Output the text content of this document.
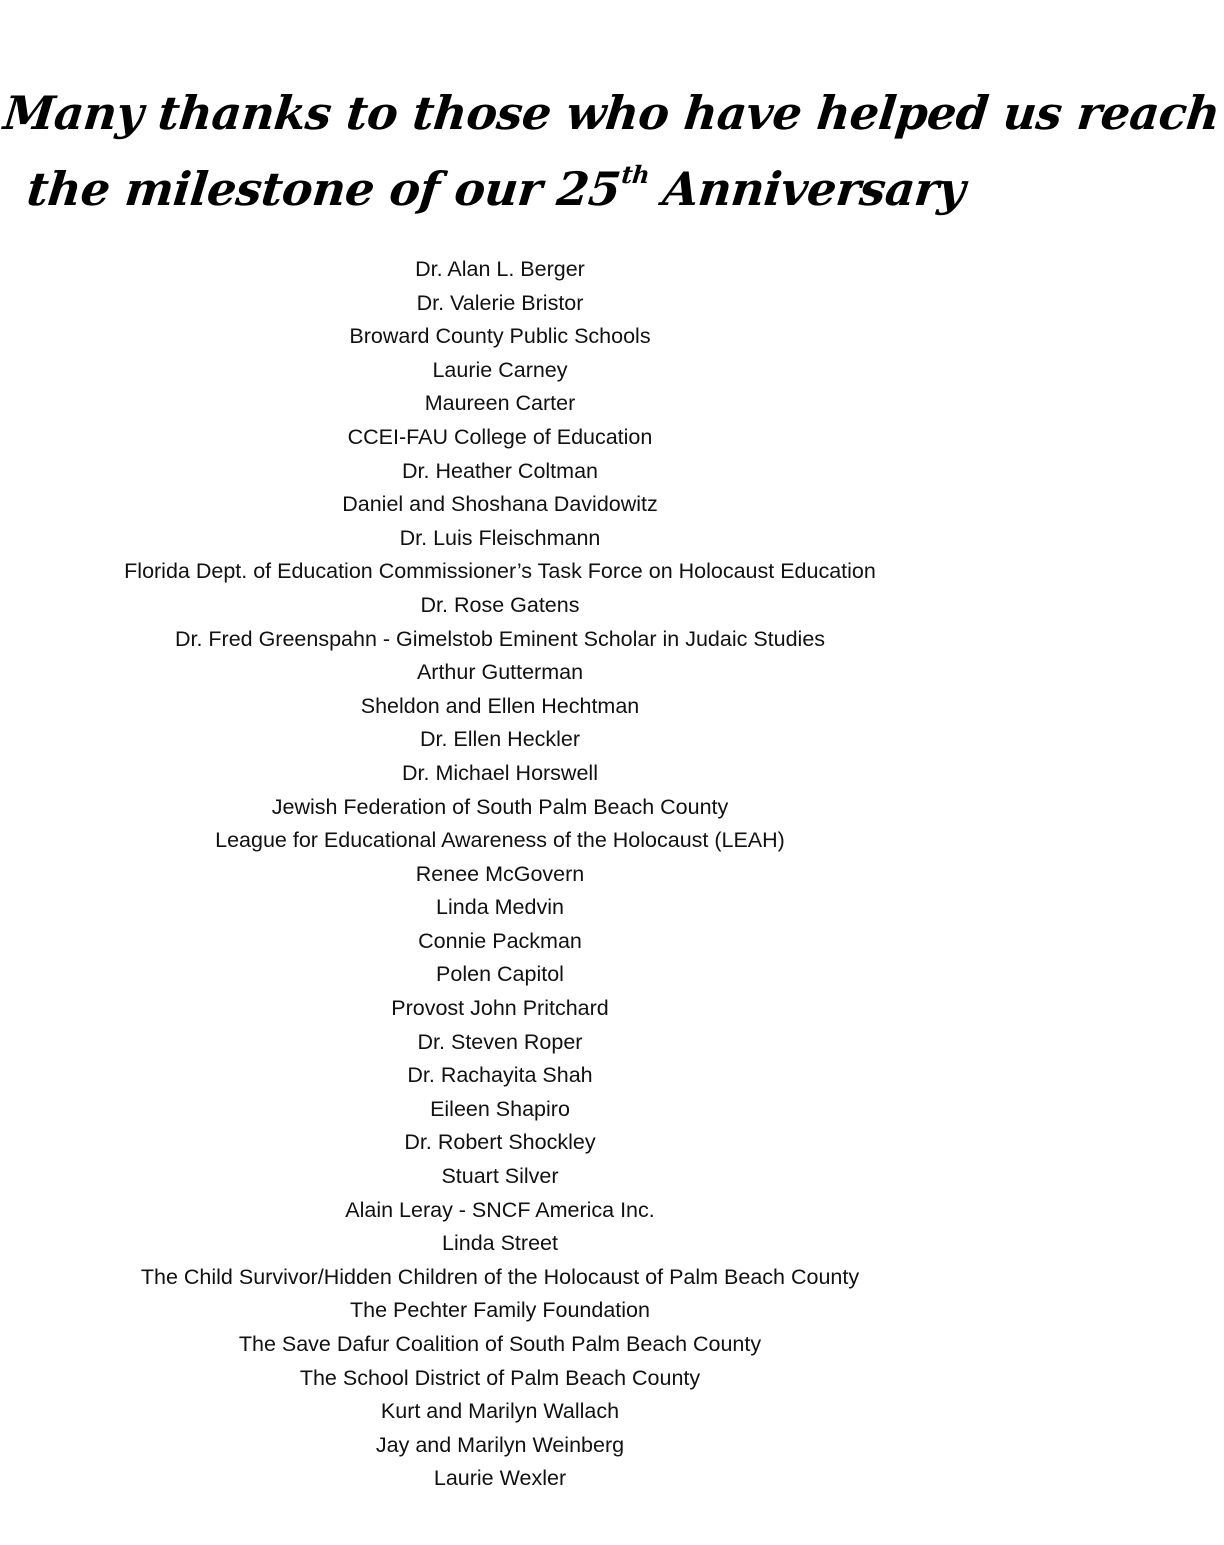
Many thanks to those who have helped us reach
the milestone of our 25th Anniversary
Dr. Alan L. Berger
Dr. Valerie Bristor
Broward County Public Schools
Laurie Carney
Maureen Carter
CCEI-FAU College of Education
Dr. Heather Coltman
Daniel and Shoshana Davidowitz
Dr. Luis Fleischmann
Florida Dept. of Education Commissioner’s Task Force on Holocaust Education
Dr. Rose Gatens
Dr. Fred Greenspahn - Gimelstob Eminent Scholar in Judaic Studies
Arthur Gutterman
Sheldon and Ellen Hechtman
Dr. Ellen Heckler
Dr. Michael Horswell
Jewish Federation of South Palm Beach County
League for Educational Awareness of the Holocaust (LEAH)
Renee McGovern
Linda Medvin
Connie Packman
Polen Capitol
Provost John Pritchard
Dr. Steven Roper
Dr. Rachayita Shah
Eileen Shapiro
Dr. Robert Shockley
Stuart Silver
Alain Leray - SNCF America Inc.
Linda Street
The Child Survivor/Hidden Children of the Holocaust of Palm Beach County
The Pechter Family Foundation
The Save Dafur Coalition of South Palm Beach County
The School District of Palm Beach County
Kurt and Marilyn Wallach
Jay and Marilyn Weinberg
Laurie Wexler
